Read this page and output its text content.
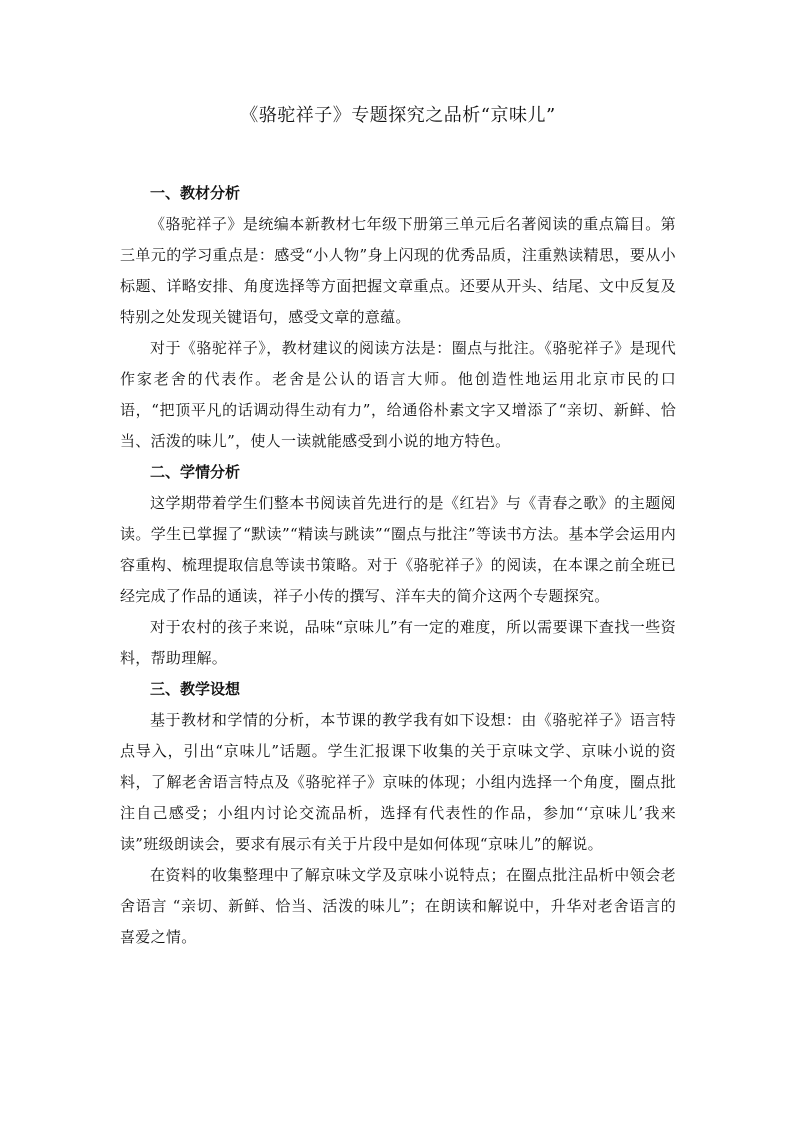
《骆驼祥子》专题探究之品析“京味儿”
一、教材分析

《骆驼祥子》是统编本新教材七年级下册第三单元后名著阅读的重点篇目。第三单元的学习重点是：感受“小人物”身上闪现的优秀品质，注重熟读精思，要从小标题、详略安排、角度选择等方面把握文章重点。还要从开头、结尾、文中反复及特别之处发现关键语句，感受文章的意蕴。

对于《骆驼祥子》，教材建议的阅读方法是：圈点与批注。《骆驼祥子》是现代作家老舍的代表作。老舍是公认的语言大师。他创造性地运用北京市民的口语，“把顶平凡的话调动得生动有力”，给通俗朴素文字又增添了“亲切、新鲜、恰当、活泼的味儿”，使人一读就能感受到小说的地方特色。

二、学情分析

这学期带着学生们整本书阅读首先进行的是《红岩》与《青春之歌》的主题阅读。学生已掌握了“默读”“精读与跳读”“圈点与批注”等读书方法。基本学会运用内容重构、梳理提取信息等读书策略。对于《骆驼祥子》的阅读，在本课之前全班已经完成了作品的通读，祥子小传的撰写、洋车夫的简介这两个专题探究。

对于农村的孩子来说，品味“京味儿”有一定的难度，所以需要课下查找一些资料，帮助理解。

三、教学设想

基于教材和学情的分析，本节课的教学我有如下设想：由《骆驼祥子》语言特点导入，引出“京味儿”话题。学生汇报课下收集的关于京味文学、京味小说的资料，了解老舍语言特点及《骆驼祥子》京味的体现；小组内选择一个角度，圈点批注自己感受；小组内讨论交流品析，选择有代表性的作品，参加“‘京味儿’我来读”班级朗读会，要求有展示有关于片段中是如何体现“京味儿”的解说。

在资料的收集整理中了解京味文学及京味小说特点；在圈点批注品析中领会老舍语言 “亲切、新鲜、恰当、活泼的味儿”；在朗读和解说中，升华对老舍语言的喜爱之情。
